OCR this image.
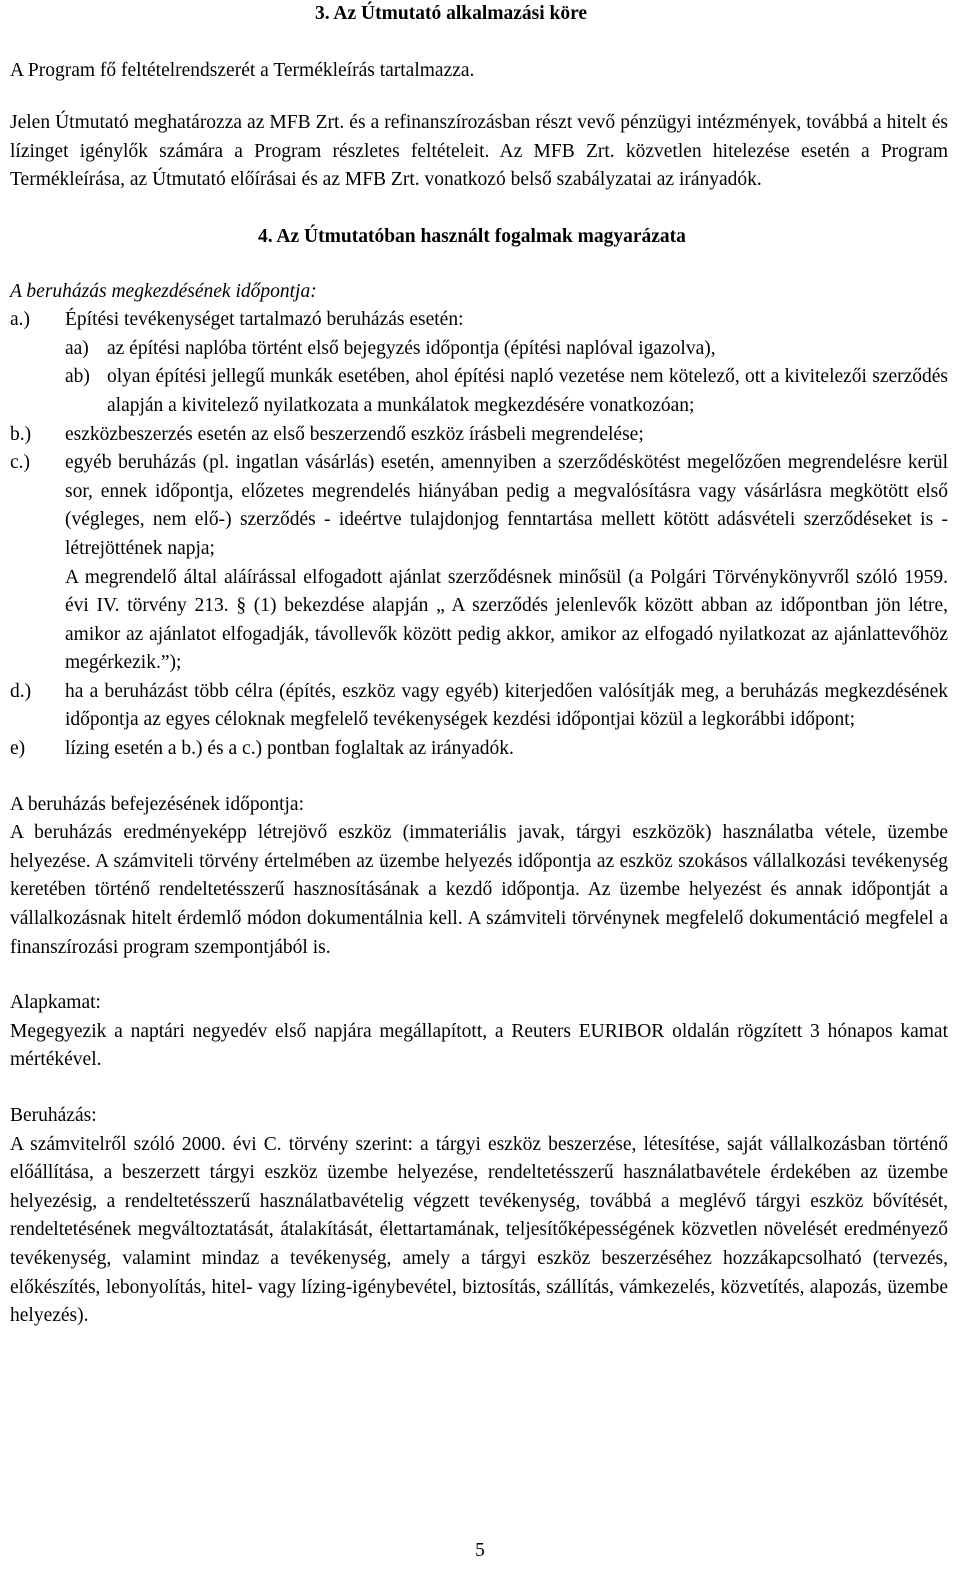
3. Az Útmutató alkalmazási köre

A Program fő feltételrendszerét a Termékleírás tartalmazza.

Jelen Útmutató meghatározza az MFB Zrt. és a refinanszírozásban részt vevő pénzügyi intézmények, továbbá a hitelt és lízinget igénylők számára a Program részletes feltételeit. Az MFB Zrt. közvetlen hitelezése esetén a Program Termékleírása, az Útmutató előírásai és az MFB Zrt. vonatkozó belső szabályzatai az irányadók.

4. Az Útmutatóban használt fogalmak magyarázata

A beruházás megkezdésének időpontja:

a.) Építési tevékenységet tartalmazó beruházás esetén:

aa) az építési naplóba történt első bejegyzés időpontja (építési naplóval igazolva),

ab) olyan építési jellegű munkák esetében, ahol építési napló vezetése nem kötelező, ott a kivitelezői szerződés alapján a kivitelező nyilatkozata a munkálatok megkezdésére vonatkozóan;

b.) eszközbeszerzés esetén az első beszerzendő eszköz írásbeli megrendelése;

c.) egyéb beruházás (pl. ingatlan vásárlás) esetén, amennyiben a szerződéskötést megelőzően megrendelésre kerül sor, ennek időpontja, előzetes megrendelés hiányában pedig a megvalósításra vagy vásárlásra megkötött első (végleges, nem elő-) szerződés - ideértve tulajdonjog fenntartása mellett kötött adásvételi szerződéseket is - létrejöttének napja;

A megrendelő által aláírással elfogadott ajánlat szerződésnek minősül (a Polgári Törvénykönyvről szóló 1959. évi IV. törvény 213. § (1) bekezdése alapján „ A szerződés jelenlevők között abban az időpontban jön létre, amikor az ajánlatot elfogadják, távollevők között pedig akkor, amikor az elfogadó nyilatkozat az ajánlattevőhöz megérkezik.”);

d.) ha a beruházást több célra (építés, eszköz vagy egyéb) kiterjedően valósítják meg, a beruházás megkezdésének időpontja az egyes céloknak megfelelő tevékenységek kezdési időpontjai közül a legkorábbi időpont;

e) lízing esetén a b.) és a c.) pontban foglaltak az irányadók.

A beruházás befejezésének időpontja:

A beruházás eredményeképp létrejövő eszköz (immateriális javak, tárgyi eszközök) használatba vétele, üzembe helyezése. A számviteli törvény értelmében az üzembe helyezés időpontja az eszköz szokásos vállalkozási tevékenység keretében történő rendeltetésszerű hasznosításának a kezdő időpontja. Az üzembe helyezést és annak időpontját a vállalkozásnak hitelt érdemlő módon dokumentálnia kell. A számviteli törvénynek megfelelő dokumentáció megfelel a finanszírozási program szempontjából is.

Alapkamat:

Megegyezik a naptári negyedév első napjára megállapított, a Reuters EURIBOR oldalán rögzített 3 hónapos kamat mértékével.

Beruházás:

A számvitelről szóló 2000. évi C. törvény szerint: a tárgyi eszköz beszerzése, létesítése, saját vállalkozásban történő előállítása, a beszerzett tárgyi eszköz üzembe helyezése, rendeltetésszerű használatbavétele érdekében az üzembe helyezésig, a rendeltetésszerű használatbavételig végzett tevékenység, továbbá a meglévő tárgyi eszköz bővítését, rendeltetésének megváltoztatását, átalakítását, élettartamának, teljesítőképességének közvetlen növelését eredményező tevékenység, valamint mindaz a tevékenység, amely a tárgyi eszköz beszerzéséhez hozzákapcsolható (tervezés, előkészítés, lebonyolítás, hitel- vagy lízing-igénybevétel, biztosítás, szállítás, vámkezelés, közvetítés, alapozás, üzembe helyezés).

5
